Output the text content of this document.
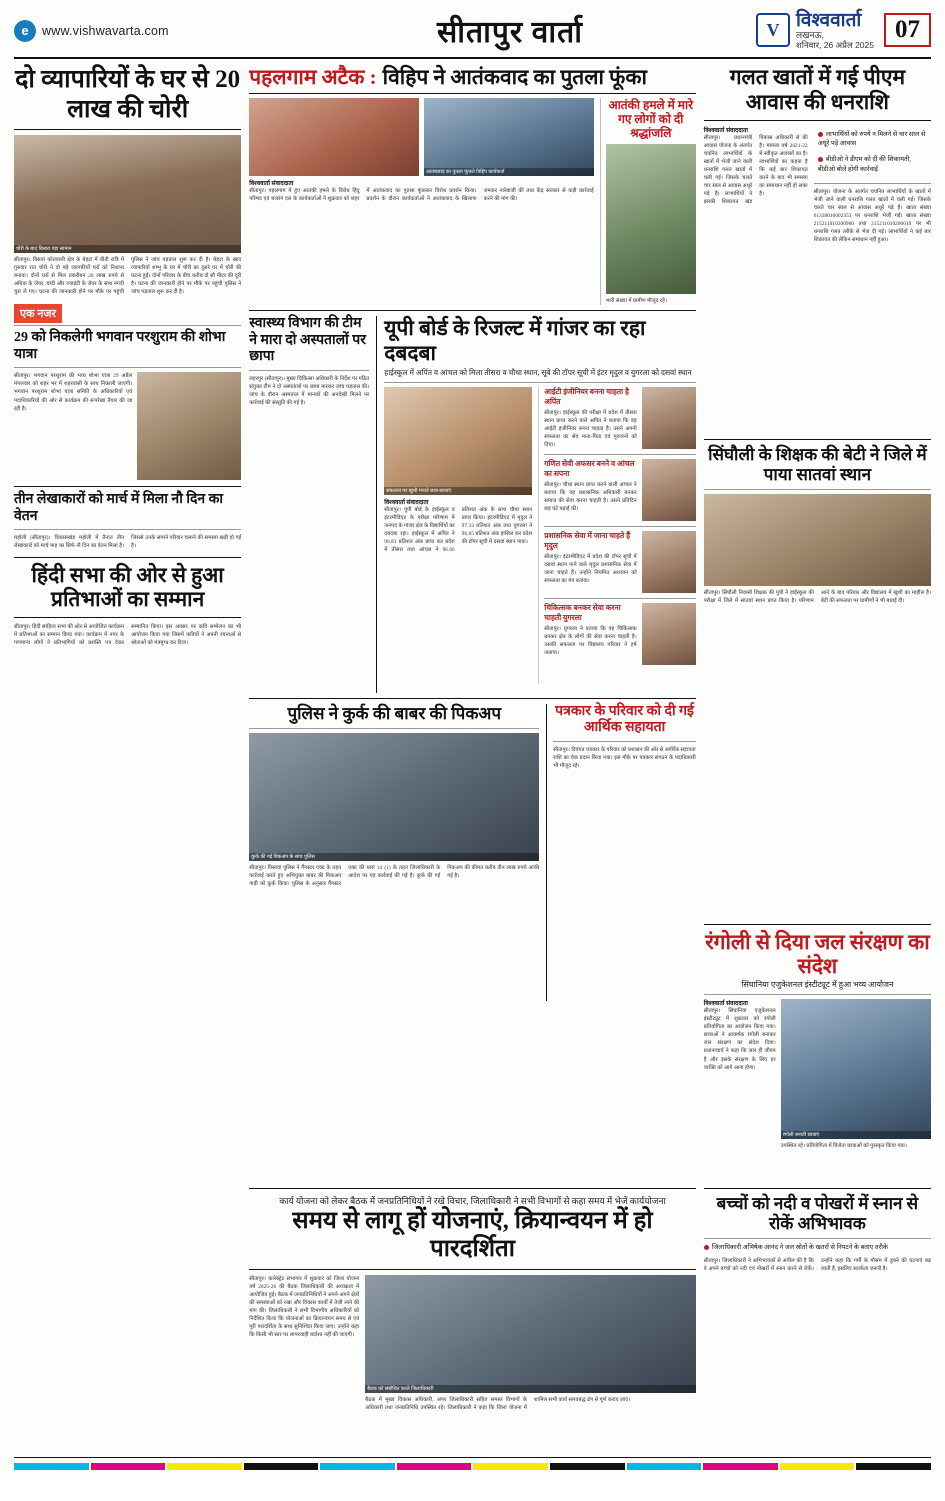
e	www.vishwavarta.com	सीतापुर वार्ता	V विश्ववार्ता
लखनऊ,
शनिवार, 26 अप्रैल 2025
07
दो व्यापारियों के घर से 20 लाख की चोरी
चोरी के बाद बिखरा पड़ा सामान
सीतापुर। विसवां कोतवाली क्षेत्र के बेहटा में बीती रात्रि में गुरुवार रात चोरी ने दो बड़े व्यापारियों घरों को निशाना बनाया। दोनों घरों से मिल तकरीबन 20 लाख रुपये से अधिक के जेवर, चांदी और ज्वाइंटी के जेवर के साथ नगदी चुरा ले गए। घटना की जानकारी होने पर मौके पर पहुंची पुलिस ने जांच पड़ताल शुरू कर दी है। बेहटा के खाद व्यापारियों शम्भू के घर में चोरी का दूसरे घर में चोरी की घटना हुई। दोनों परिवार के बीच करीब दो सौ मीटर की दूरी है। घटना की जानकारी होने पर मौके पर पहुंची पुलिस ने जांच पड़ताल शुरू कर दी है।
एक नजर
29 को निकलेगी भगवान परशुराम की शोभा यात्रा
सीतापुर। भगवान परशुराम की भव्य शोभा यात्रा 29 अप्रैल मंगलवार को शहर भर में शहरवासी के साथ निकाली जाएगी। भगवान परशुराम शोभा यात्रा समिति के अधिकारियों एवं पदाधिकारियों की ओर से कार्यक्रम की रूपरेखा तैयार की जा रही है।
तीन लेखाकारों को मार्च में मिला नौ दिन का वेतन
महोली (सीतापुर)। विकासखंड महोली में तैनात तीन लेखाकारों को मार्च माह का सिर्फ नौ दिन का वेतन मिला है। जिससे उनके सामने परिवार चलाने की समस्या खड़ी हो गई है।
हिंदी सभा की ओर से हुआ प्रतिभाओं का सम्मान
सीतापुर। हिंदी साहित्य सभा की ओर से आयोजित कार्यक्रम में प्रतिभाओं का सम्मान किया गया। कार्यक्रम में नगर के गणमान्य लोगों ने प्रतिभागियों को प्रशस्ति पत्र देकर सम्मानित किया। इस अवसर पर कवि सम्मेलन का भी आयोजन किया गया जिसमें कवियों ने अपनी रचनाओं से श्रोताओं को मंत्रमुग्ध कर दिया।
पहलगाम अटैक : विहिप ने आतंकवाद का पुतला फूंका
आतंकवाद का पुतला फूंकते विहिप कार्यकर्ता
विश्ववार्ता संवाददाता
सीतापुर। पहलगाम में हुए आतंकी हमले के विरोध हिंदू परिषद एवं बजरंग दल के कार्यकर्ताओं ने शुक्रवार को शहर में आतंकवाद का पुतला फूंककर विरोध प्रदर्शन किया। प्रदर्शन के दौरान कार्यकर्ताओं ने आतंकवाद के खिलाफ जमकर नारेबाजी की तथा केंद्र सरकार से कड़ी कार्रवाई करने की मांग की।
आतंकी हमले में मारे गए लोगों को दी श्रद्धांजलि
भारी संख्या में ग्रामीण मौजूद रहे।
स्वास्थ्य विभाग की टीम ने मारा दो अस्पतालों पर छापा
लहरपुर (सीतापुर)। मुख्य चिकित्सा अधिकारी के निर्देश पर गठित संयुक्त टीम ने दो अस्पतालों पर छापा मारकर जांच पड़ताल की। जांच के दौरान अस्पताल में मानकों की अनदेखी मिलने पर कार्रवाई की संस्तुति की गई है।
यूपी बोर्ड के रिजल्ट में गांजर का रहा दबदबा
हाईस्कूल में अपिंत व आंचल को मिला तीसरा व चौथा स्थान, सूबे की टॉपर सूची में इंटर मृदुल व युगरला को दसवां स्थान
सफलता पर खुशी मनाते छात्र-छात्राएं
विश्ववार्ता संवाददाता
सीतापुर। यूपी बोर्ड के हाईस्कूल व इंटरमीडिएट के परीक्षा परिणाम में जनपद के गांजर क्षेत्र के विद्यार्थियों का दबदबा रहा। हाईस्कूल में अपिंत ने 96.83 प्रतिशत अंक प्राप्त कर प्रदेश में तीसरा तथा आंचल ने 96.66 प्रतिशत अंक के साथ चौथा स्थान प्राप्त किया। इंटरमीडिएट में मृदुल ने 97.33 प्रतिशत अंक तथा युगरला ने 96.85 प्रतिशत अंक हासिल कर प्रदेश की टॉपर सूची में दसवां स्थान पाया।
आईटी इंजीनियर बनना चाहता है अपिंत
सीतापुर। हाईस्कूल की परीक्षा में प्रदेश में तीसरा स्थान प्राप्त करने वाले अपिंत ने बताया कि वह आईटी इंजीनियर बनना चाहता है। उसने अपनी सफलता का श्रेय माता-पिता एवं गुरुजनों को दिया।
गणित सेवी अफसर बनने व आंचल का सपना
सीतापुर। चौथा स्थान प्राप्त करने वाली आंचल ने बताया कि वह प्रशासनिक अधिकारी बनकर समाज की सेवा करना चाहती है। उसने प्रतिदिन छह घंटे पढ़ाई की।
प्रशासनिक सेवा में जाना चाहते हैं मृदुल
सीतापुर। इंटरमीडिएट में प्रदेश की टॉपर सूची में दसवां स्थान पाने वाले मृदुल प्रशासनिक सेवा में जाना चाहते हैं। उन्होंने नियमित अध्ययन को सफलता का मंत्र बताया।
चिकित्सक बनकर सेवा करना चाहती युगरला
सीतापुर। युगरला ने बताया कि वह चिकित्सक बनकर क्षेत्र के लोगों की सेवा करना चाहती है। उसकी सफलता पर विद्यालय परिवार ने हर्ष जताया।
पुलिस ने कुर्क की बाबर की पिकअप
कुर्क की गई पिकअप के साथ पुलिस
सीतापुर। पिसावां पुलिस ने गैंगस्टर एक्ट के तहत कार्रवाई करते हुए अभियुक्त बाबर की पिकअप गाड़ी को कुर्क किया। पुलिस के अनुसार गैंगस्टर एक्ट की धारा 14 (1) के तहत जिलाधिकारी के आदेश पर यह कार्रवाई की गई है। कुर्क की गई पिकअप की कीमत करीब तीन लाख रुपये आंकी गई है।
पत्रकार के परिवार को दी गई आर्थिक सहायता
सीतापुर। दिवंगत पत्रकार के परिवार को प्रशासन की ओर से आर्थिक सहायता राशि का चेक प्रदान किया गया। इस मौके पर पत्रकार संगठन के पदाधिकारी भी मौजूद रहे।
गलत खातों में गई पीएम आवास की धनराशि
विश्ववार्ता संवाददाता
सीतापुर। प्रधानमंत्री आवास योजना के अंतर्गत चयनित लाभार्थियों के खातों में भेजी जाने वाली धनराशि गलत खातों में चली गई। जिसके चलते चार साल से आवास अधूरे पड़े हैं। लाभार्थियों ने इसकी शिकायत खंड विकास अधिकारी से की है। मामला वर्ष 2021-22 में स्वीकृत आवासों का है। लाभार्थियों का कहना है कि कई बार शिकायत करने के बाद भी समस्या का समाधान नहीं हो सका है।
लाभार्थियों को रुपये न मिलने से चार साल से अधूरे पड़े आवास
बीडीओ ने डीएम को दी की शिकायती, बीडीओ बोले होगी कार्रवाई
सीतापुर। योजना के अंतर्गत चयनित लाभार्थियों के खातों में भेजी जाने वाली धनराशि गलत खातों में चली गई। जिसके चलते चार साल से आवास अधूरे पड़े हैं। खाता संख्या 61338010002353 पर धनराशि भेजी गई। खाता संख्या 215211010200960 तथा 215211010200619 पर भी धनराशि गलत तरीके से भेज दी गई। लाभार्थियों ने कई बार शिकायत की लेकिन समाधान नहीं हुआ।
सिंघौली के शिक्षक की बेटी ने जिले में पाया सातवां स्थान
सीतापुर। सिंघौली निवासी शिक्षक की पुत्री ने हाईस्कूल की परीक्षा में जिले में सातवां स्थान प्राप्त किया है। परिणाम आने के बाद परिवार और विद्यालय में खुशी का माहौल है। बेटी की सफलता पर ग्रामीणों ने भी बधाई दी।
रंगोली से दिया जल संरक्षण का संदेश
सिंघानिया एजुकेशनल इंस्टीट्यूट में हुआ भव्य आयोजन
विश्ववार्ता संवाददाता
सीतापुर। सिंघानिया एजुकेशनल इंस्टीट्यूट में शुक्रवार को रंगोली प्रतियोगिता का आयोजन किया गया। छात्राओं ने आकर्षक रंगोली बनाकर जल संरक्षण का संदेश दिया। प्रधानाचार्य ने कहा कि जल ही जीवन है और इसके संरक्षण के लिए हर व्यक्ति को आगे आना होगा।
रंगोली बनातीं छात्राएं
उपस्थित रहे। प्रतियोगिता में विजेता छात्राओं को पुरस्कृत किया गया।
कार्य योजना को लेकर बैठक में जनप्रतिनिधियों ने रखे विचार, जिलाधिकारी ने सभी विभागों से कहा समय में भेजें कार्ययोजना
समय से लागू हों योजनाएं, क्रियान्वयन में हो पारदर्शिता
सीतापुर। कलेक्ट्रेट सभागार में शुक्रवार को जिला योजना वर्ष 2025-26 की बैठक जिलाधिकारी की अध्यक्षता में आयोजित हुई। बैठक में जनप्रतिनिधियों ने अपने-अपने क्षेत्रों की समस्याओं को रखा और विकास कार्यों में तेजी लाने की मांग की। जिलाधिकारी ने सभी विभागीय अधिकारियों को निर्देशित किया कि योजनाओं का क्रियान्वयन समय से एवं पूरी पारदर्शिता के साथ सुनिश्चित किया जाए। उन्होंने कहा कि किसी भी स्तर पर लापरवाही बर्दाश्त नहीं की जाएगी।
बैठक को संबोधित करते जिलाधिकारी
बैठक में मुख्य विकास अधिकारी, अपर जिलाधिकारी सहित समस्त विभागों के अधिकारी तथा जनप्रतिनिधि उपस्थित रहे। जिलाधिकारी ने कहा कि जिला योजना में शामिल सभी कार्य समयबद्ध ढंग से पूर्ण कराए जाएं।
बच्चों को नदी व पोखरों में स्नान से रोकें अभिभावक
जिलाधिकारी अभिषेक आनंद ने जल स्रोतों के खतरों से निपटने के बताए तरीके
सीतापुर। जिलाधिकारी ने अभिभावकों से अपील की है कि वे अपने बच्चों को नदी एवं पोखरों में स्नान करने से रोकें। उन्होंने कहा कि गर्मी के मौसम में डूबने की घटनाएं बढ़ जाती हैं, इसलिए सतर्कता जरूरी है।
